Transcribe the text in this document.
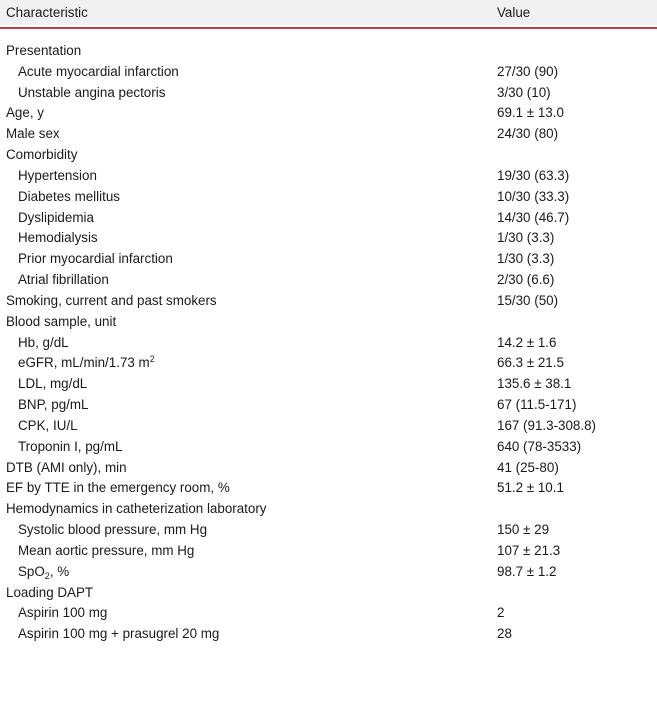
Characteristic	Value
Presentation
Acute myocardial infarction	27/30 (90)
Unstable angina pectoris	3/30 (10)
Age, y	69.1 ± 13.0
Male sex	24/30 (80)
Comorbidity
Hypertension	19/30 (63.3)
Diabetes mellitus	10/30 (33.3)
Dyslipidemia	14/30 (46.7)
Hemodialysis	1/30 (3.3)
Prior myocardial infarction	1/30 (3.3)
Atrial fibrillation	2/30 (6.6)
Smoking, current and past smokers	15/30 (50)
Blood sample, unit
Hb, g/dL	14.2 ± 1.6
eGFR, mL/min/1.73 $m^2$	66.3 ± 21.5
LDL, mg/dL	135.6 ± 38.1
BNP, pg/mL	67 (11.5-171)
CPK, IU/L	167 (91.3-308.8)
Troponin I, pg/mL	640 (78-3533)
DTB (AMI only), min	41 (25-80)
EF by TTE in the emergency room, %	51.2 ± 10.1
Hemodynamics in catheterization laboratory
Systolic blood pressure, mm Hg	150 ± 29
Mean aortic pressure, mm Hg	107 ± 21.3
SpO$_2$, %	98.7 ± 1.2
Loading DAPT
Aspirin 100 mg	2
Aspirin 100 mg + prasugrel 20 mg	28
